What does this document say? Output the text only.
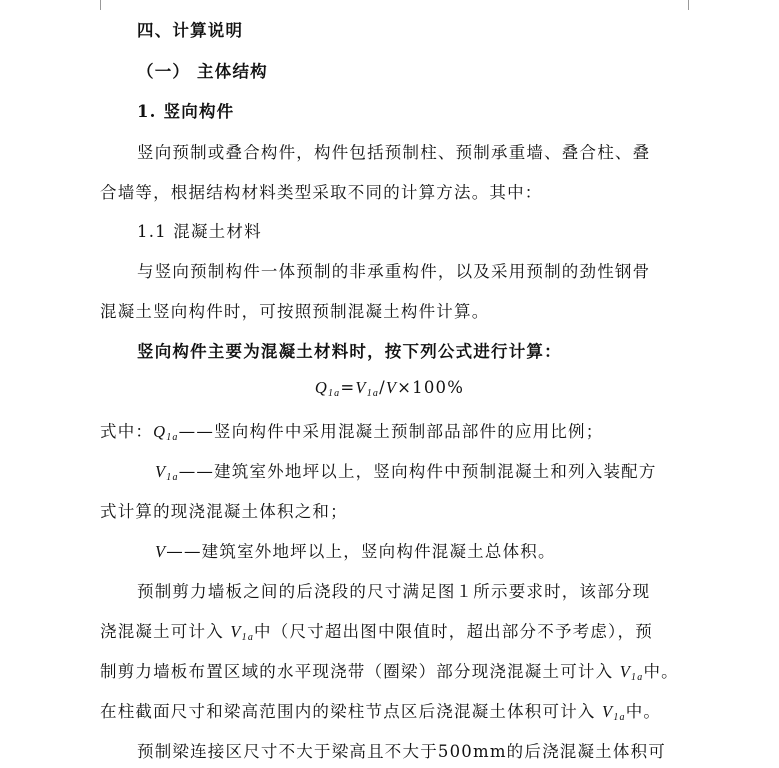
四、计算说明
（一） 主体结构
1. 竖向构件
竖向预制或叠合构件，构件包括预制柱、预制承重墙、叠合柱、叠
合墙等，根据结构材料类型采取不同的计算方法。其中：
1.1 混凝土材料
与竖向预制构件一体预制的非承重构件，以及采用预制的劲性钢骨
混凝土竖向构件时，可按照预制混凝土构件计算。
竖向构件主要为混凝土材料时，按下列公式进行计算：
$Q_{1a}=V_{1a}/V\times 100\%$
式中：$Q_{1a}——$竖向构件中采用混凝土预制部品部件的应用比例；
$V_{1a}——$建筑室外地坪以上，竖向构件中预制混凝土和列入装配方
式计算的现浇混凝土体积之和；
V——建筑室外地坪以上，竖向构件混凝土总体积。
预制剪力墙板之间的后浇段的尺寸满足图１所示要求时，该部分现
浇混凝土可计入 $V_{1a}$中（尺寸超出图中限值时，超出部分不予考虑），预
制剪力墙板布置区域的水平现浇带（圈梁）部分现浇混凝土可计入 $V_{1a}$中。
在柱截面尺寸和梁高范围内的梁柱节点区后浇混凝土体积可计入 $V_{1a}$中。
预制梁连接区尺寸不大于梁高且不大于500mm的后浇混凝土体积可
